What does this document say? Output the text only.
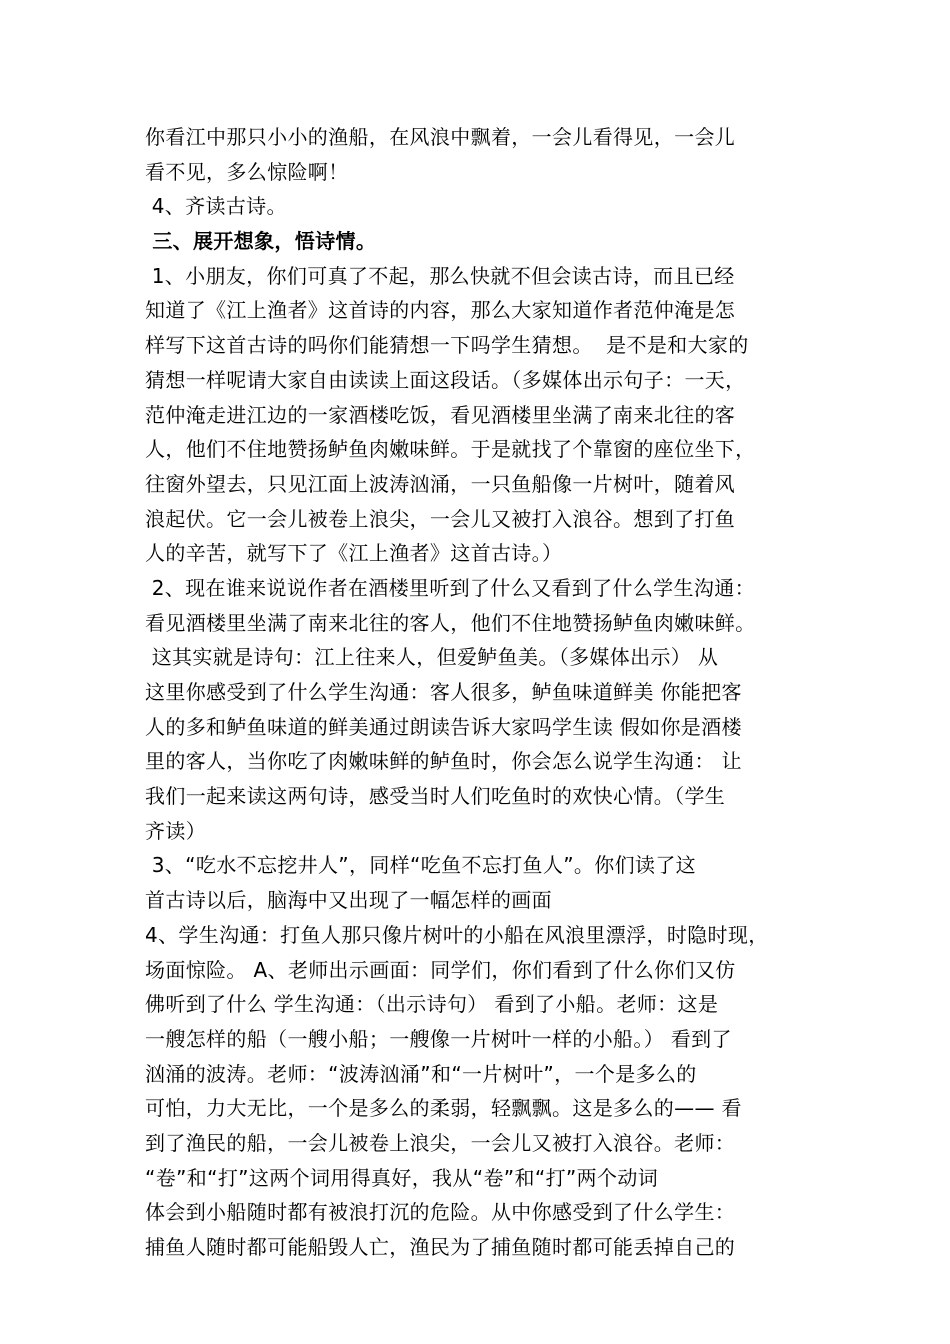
你看江中那只小小的渔船，在风浪中飘着，一会儿看得见，一会儿
看不见，多么惊险啊！
4、齐读古诗。
三、展开想象，悟诗情。
1、小朋友，你们可真了不起，那么快就不但会读古诗，而且已经
知道了《江上渔者》这首诗的内容，那么大家知道作者范仲淹是怎
样写下这首古诗的吗你们能猜想一下吗学生猜想。  是不是和大家的
猜想一样呢请大家自由读读上面这段话。（多媒体出示句子：一天，
范仲淹走进江边的一家酒楼吃饭，看见酒楼里坐满了南来北往的客
人，他们不住地赞扬鲈鱼肉嫩味鲜。于是就找了个靠窗的座位坐下，
往窗外望去，只见江面上波涛汹涌，一只鱼船像一片树叶，随着风
浪起伏。它一会儿被卷上浪尖，一会儿又被打入浪谷。想到了打鱼
人的辛苦，就写下了《江上渔者》这首古诗。）
2、现在谁来说说作者在酒楼里听到了什么又看到了什么学生沟通：
看见酒楼里坐满了南来北往的客人，他们不住地赞扬鲈鱼肉嫩味鲜。
这其实就是诗句：江上往来人，但爱鲈鱼美。（多媒体出示） 从
这里你感受到了什么学生沟通：客人很多，鲈鱼味道鲜美 你能把客
人的多和鲈鱼味道的鲜美通过朗读告诉大家吗学生读 假如你是酒楼
里的客人，当你吃了肉嫩味鲜的鲈鱼时，你会怎么说学生沟通： 让
我们一起来读这两句诗，感受当时人们吃鱼时的欢快心情。（学生
齐读）
3、“吃水不忘挖井人”，同样“吃鱼不忘打鱼人”。你们读了这
首古诗以后，脑海中又出现了一幅怎样的画面
4、学生沟通：打鱼人那只像片树叶的小船在风浪里漂浮，时隐时现，
场面惊险。 A、老师出示画面：同学们，你们看到了什么你们又仿
佛听到了什么 学生沟通：（出示诗句） 看到了小船。老师：这是
一艘怎样的船（一艘小船；一艘像一片树叶一样的小船。） 看到了
汹涌的波涛。老师：“波涛汹涌”和“一片树叶”，一个是多么的
可怕，力大无比，一个是多么的柔弱，轻飘飘。这是多么的—— 看
到了渔民的船，一会儿被卷上浪尖，一会儿又被打入浪谷。老师：
“卷”和“打”这两个词用得真好，我从“卷”和“打”两个动词
体会到小船随时都有被浪打沉的危险。从中你感受到了什么学生：
捕鱼人随时都可能船毁人亡，渔民为了捕鱼随时都可能丢掉自己的
